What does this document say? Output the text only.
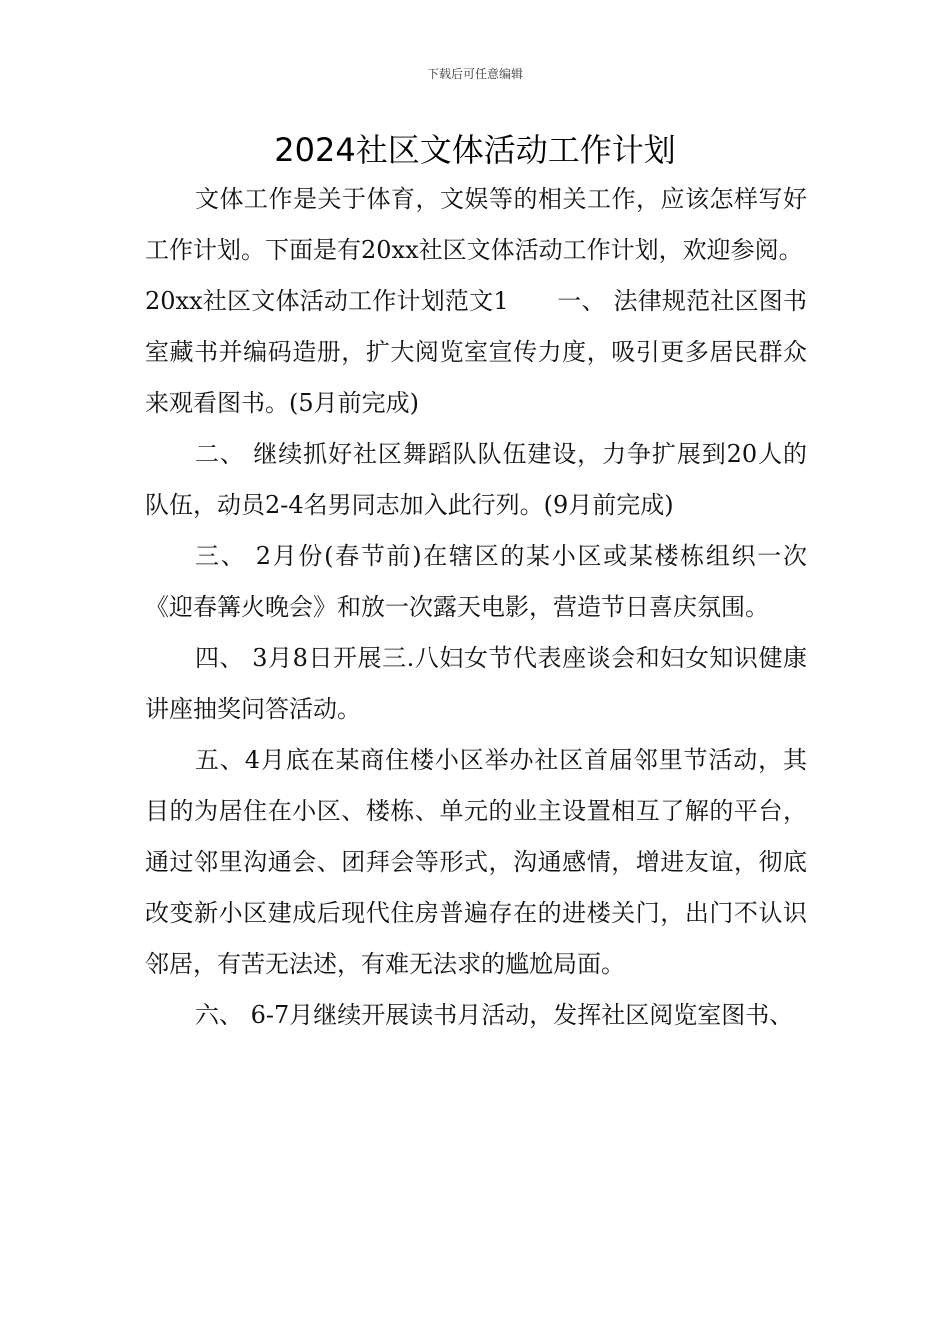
下载后可任意编辑
2024社区文体活动工作计划

文体工作是关于体育，文娱等的相关工作，应该怎样写好工作计划。下面是有20xx社区文体活动工作计划，欢迎参阅。

20xx社区文体活动工作计划范文1　　一、 法律规范社区图书室藏书并编码造册，扩大阅览室宣传力度，吸引更多居民群众来观看图书。(5月前完成)

二、 继续抓好社区舞蹈队队伍建设，力争扩展到20人的队伍，动员2-4名男同志加入此行列。(9月前完成)

三、 2月份(春节前)在辖区的某小区或某楼栋组织一次《迎春篝火晚会》和放一次露天电影，营造节日喜庆氛围。

四、 3月8日开展三.八妇女节代表座谈会和妇女知识健康讲座抽奖问答活动。

五、4月底在某商住楼小区举办社区首届邻里节活动，其目的为居住在小区、楼栋、单元的业主设置相互了解的平台，通过邻里沟通会、团拜会等形式，沟通感情，增进友谊，彻底改变新小区建成后现代住房普遍存在的进楼关门，出门不认识邻居，有苦无法述，有难无法求的尴尬局面。

六、 6-7月继续开展读书月活动，发挥社区阅览室图书、
